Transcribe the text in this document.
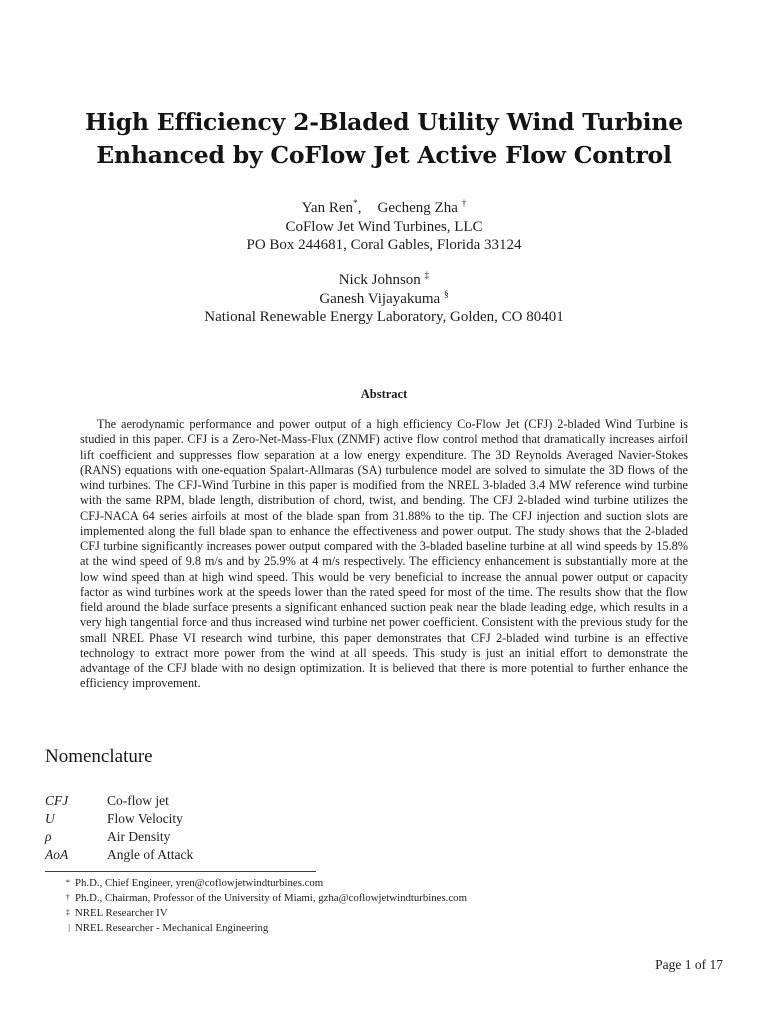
High Efficiency 2-Bladed Utility Wind Turbine
Enhanced by CoFlow Jet Active Flow Control
Yan Ren*, Gecheng Zha †
CoFlow Jet Wind Turbines, LLC
PO Box 244681, Coral Gables, Florida 33124
Nick Johnson ‡
Ganesh Vijayakuma §
National Renewable Energy Laboratory, Golden, CO 80401
Abstract
The aerodynamic performance and power output of a high efficiency Co-Flow Jet (CFJ) 2-bladed Wind Turbine is studied in this paper. CFJ is a Zero-Net-Mass-Flux (ZNMF) active flow control method that dramatically increases airfoil lift coefficient and suppresses flow separation at a low energy expenditure. The 3D Reynolds Averaged Navier-Stokes (RANS) equations with one-equation Spalart-Allmaras (SA) turbulence model are solved to simulate the 3D flows of the wind turbines. The CFJ-Wind Turbine in this paper is modified from the NREL 3-bladed 3.4 MW reference wind turbine with the same RPM, blade length, distribution of chord, twist, and bending. The CFJ 2-bladed wind turbine utilizes the CFJ-NACA 64 series airfoils at most of the blade span from 31.88% to the tip. The CFJ injection and suction slots are implemented along the full blade span to enhance the effectiveness and power output. The study shows that the 2-bladed CFJ turbine significantly increases power output compared with the 3-bladed baseline turbine at all wind speeds by 15.8% at the wind speed of 9.8 m/s and by 25.9% at 4 m/s respectively. The efficiency enhancement is substantially more at the low wind speed than at high wind speed. This would be very beneficial to increase the annual power output or capacity factor as wind turbines work at the speeds lower than the rated speed for most of the time. The results show that the flow field around the blade surface presents a significant enhanced suction peak near the blade leading edge, which results in a very high tangential force and thus increased wind turbine net power coefficient. Consistent with the previous study for the small NREL Phase VI research wind turbine, this paper demonstrates that CFJ 2-bladed wind turbine is an effective technology to extract more power from the wind at all speeds. This study is just an initial effort to demonstrate the advantage of the CFJ blade with no design optimization. It is believed that there is more potential to further enhance the efficiency improvement.
Nomenclature
CFJ	Co-flow jet
U	Flow Velocity
ρ	Air Density
AoA	Angle of Attack
* Ph.D., Chief Engineer, yren@coflowjetwindturbines.com
† Ph.D., Chairman, Professor of the University of Miami, gzha@coflowjetwindturbines.com
‡ NREL Researcher IV
| NREL Researcher - Mechanical Engineering
Page 1 of 17
